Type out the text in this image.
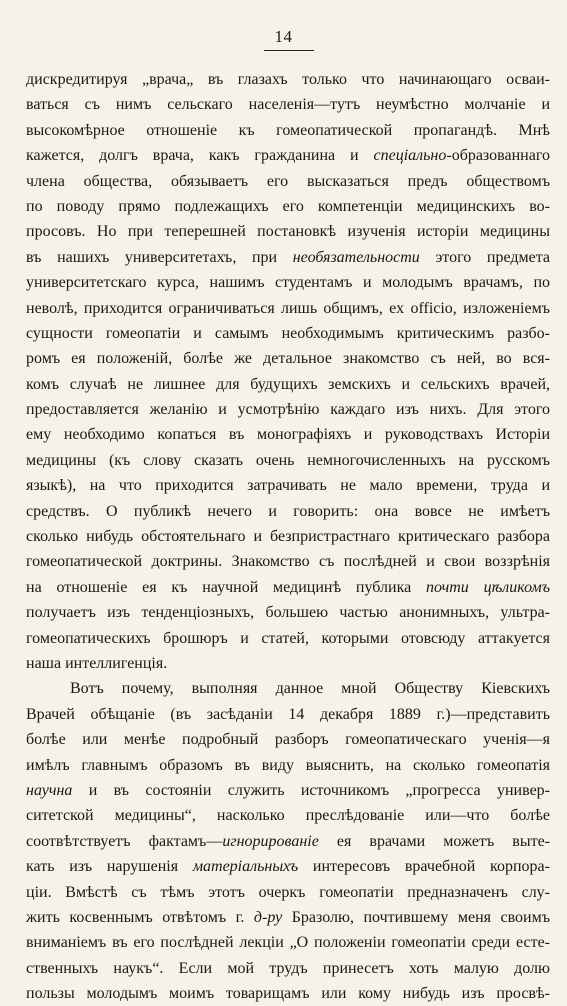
14
дискредитируя „врача„ въ глазахъ только что начинающаго осваи-
ваться съ нимъ сельскаго населенія—тутъ неумѣстно молчаніе и
высокомѣрное отношеніе къ гомеопатической пропагандѣ. Мнѣ
кажется, долгъ врача, какъ гражданина и спеціально-образованнаго
члена общества, обязываетъ его высказаться предъ обществомъ
по поводу прямо подлежащихъ его компетенціи медицинскихъ во-
просовъ. Но при теперешней постановкѣ изученія исторіи медицины
въ нашихъ университетахъ, при необязательности этого предмета
университетскаго курса, нашимъ студентамъ и молодымъ врачамъ, по
неволѣ, приходится ограничиваться лишь общимъ, ex officio, изложеніемъ
сущности гомеопатіи и самымъ необходимымъ критическимъ разбо-
ромъ ея положеній, болѣе же детальное знакомство съ ней, во вся-
комъ случаѣ не лишнее для будущихъ земскихъ и сельскихъ врачей,
предоставляется желанію и усмотрѣнію каждаго изъ нихъ. Для этого
ему необходимо копаться въ монографіяхъ и руководствахъ Исторіи
медицины (къ слову сказать очень немногочисленныхъ на русскомъ
языкѣ), на что приходится затрачивать не мало времени, труда и
средствъ. О публикѣ нечего и говорить: она вовсе не имѣетъ
сколько нибудь обстоятельнаго и безпристрастнаго критическаго разбора
гомеопатической доктрины. Знакомство съ послѣдней и свои воззрѣнія
на отношеніе ея къ научной медицинѣ публика почти цѣликомъ
получаетъ изъ тенденціозныхъ, большею частью анонимныхъ, ультра-
гомеопатическихъ брошюръ и статей, которыми отовсюду аттакуется
наша интеллигенція.
Вотъ почему, выполняя данное мной Обществу Кіевскихъ
Врачей обѣщаніе (въ засѣданіи 14 декабря 1889 г.)—представить
болѣе или менѣе подробный разборъ гомеопатическаго ученія—я
имѣлъ главнымъ образомъ въ виду выяснить, на сколько гомеопатія
научна и въ состояніи служить источникомъ „прогресса универ-
ситетской медицины“, насколько преслѣдованіе или—что болѣе
соотвѣтствуетъ фактамъ—игнорированіе ея врачами можетъ выте-
кать изъ нарушенія матеріальныхъ интересовъ врачебной корпора-
ціи. Вмѣстѣ съ тѣмъ этотъ очеркъ гомеопатіи предназначенъ слу-
жить косвеннымъ отвѣтомъ г. д-ру Бразолю, почтившему меня своимъ
вниманіемъ въ его послѣдней лекціи „О положеніи гомеопатіи среди есте-
ственныхъ наукъ“. Если мой трудъ принесетъ хоть малую долю
пользы молодымъ моимъ товарищамъ или кому нибудь изъ просвѣ-
